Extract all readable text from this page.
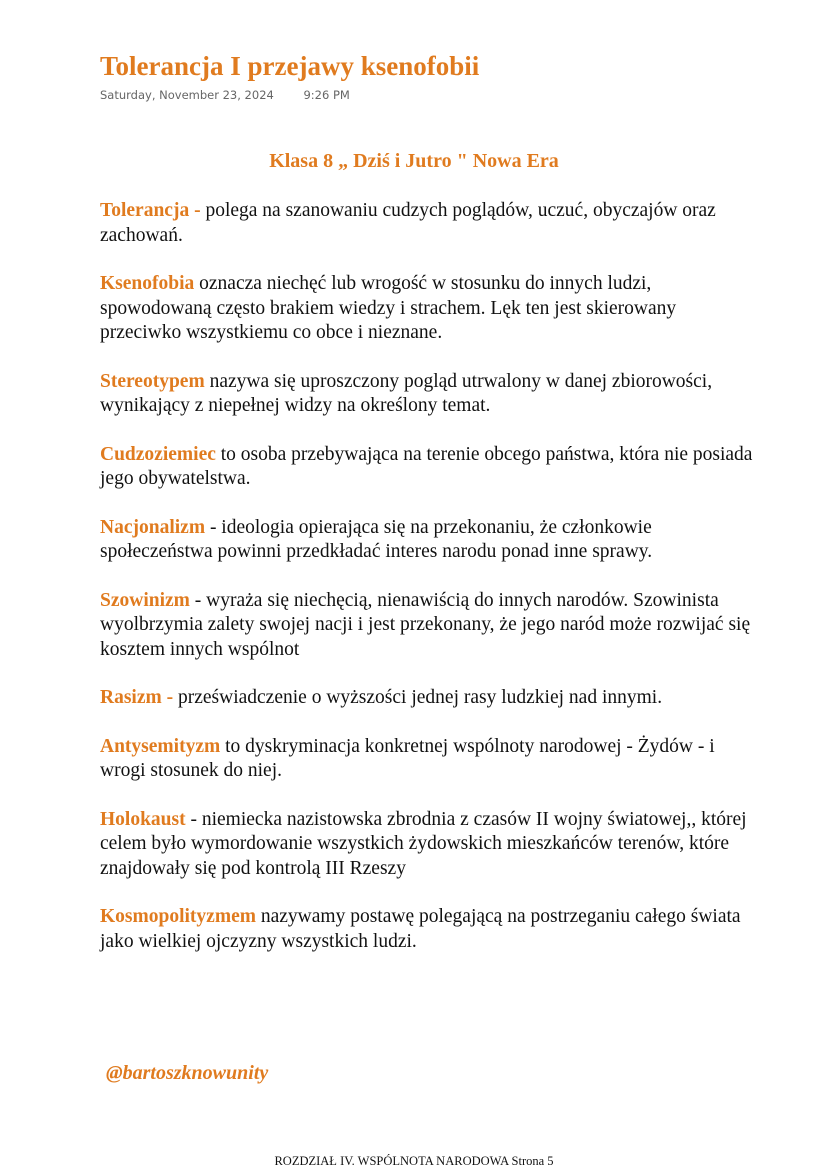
Tolerancja I przejawy ksenofobii
Saturday, November 23, 2024	9:26 PM
Klasa 8 „ Dziś i Jutro " Nowa Era

Tolerancja - polega na szanowaniu cudzych poglądów, uczuć, obyczajów oraz zachowań.

Ksenofobia oznacza niechęć lub wrogość w stosunku do innych ludzi, spowodowaną często brakiem wiedzy i strachem. Lęk ten jest skierowany przeciwko wszystkiemu co obce i nieznane.

Stereotypem nazywa się uproszczony pogląd utrwalony w danej zbiorowości, wynikający z niepełnej widzy na określony temat.

Cudzoziemiec to osoba przebywająca na terenie obcego państwa, która nie posiada jego obywatelstwa.

Nacjonalizm - ideologia opierająca się na przekonaniu, że członkowie społeczeństwa powinni przedkładać interes narodu ponad inne sprawy.

Szowinizm - wyraża się niechęcią, nienawiścią do innych narodów. Szowinista wyolbrzymia zalety swojej nacji i jest przekonany, że jego naród może rozwijać się kosztem innych wspólnot

Rasizm - przeświadczenie o wyższości jednej rasy ludzkiej nad innymi.

Antysemityzm to dyskryminacja konkretnej wspólnoty narodowej - Żydów - i wrogi stosunek do niej.

Holokaust - niemiecka nazistowska zbrodnia z czasów II wojny światowej,, której celem było wymordowanie wszystkich żydowskich mieszkańców terenów, które znajdowały się pod kontrolą III Rzeszy

Kosmopolityzmem nazywamy postawę polegającą na postrzeganiu całego świata jako wielkiej ojczyzny wszystkich ludzi.

@bartoszknowunity
ROZDZIAŁ IV. WSPÓLNOTA NARODOWA Strona 5
